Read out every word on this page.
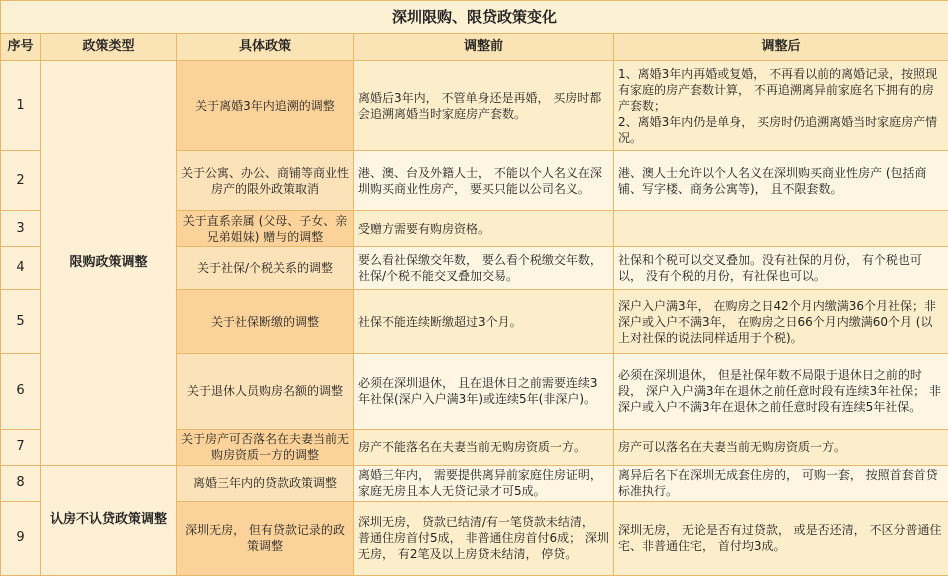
深圳限购、限贷政策变化				
序号	政策类型	具体政策	调整前	调整后
1	限购政策调整	关于离婚3年内追溯的调整	离婚后3年内， 不管单身还是再婚， 买房时都会追溯离婚当时家庭房产套数。	1、离婚3年内再婚或复婚， 不再看以前的离婚记录，按照现有家庭的房产套数计算， 不再追溯离异前家庭名下拥有的房产套数；
2、离婚3年内仍是单身， 买房时仍追溯离婚当时家庭房产情况。
2		关于公寓、办公、商铺等商业性房产的限外政策取消	港、澳、台及外籍人士， 不能以个人名义在深圳购买商业性房产， 要买只能以公司名义。	港、澳人士允许以个人名义在深圳购买商业性房产 (包括商铺、写字楼、商务公寓等)， 且不限套数。
3		关于直系亲属 (父母、子女、亲兄弟姐妹) 赠与的调整	受赠方需要有购房资格。	
4		关于社保/个税关系的调整	要么看社保缴交年数， 要么看个税缴交年数， 社保/个税不能交叉叠加交易。	社保和个税可以交叉叠加。没有社保的月份， 有个税也可以， 没有个税的月份，有社保也可以。
5		关于社保断缴的调整	社保不能连续断缴超过3个月。	深户入户满3年， 在购房之日42个月内缴满36个月社保；非深户或入户不满3年， 在购房之日66个月内缴满60个月 (以上对社保的说法同样适用于个税)。
6		关于退休人员购房名额的调整	必须在深圳退休， 且在退休日之前需要连续3年社保(深户入户满3年)或连续5年(非深户)。	必须在深圳退休， 但是社保年数不局限于退休日之前的时段， 深户入户满3年在退休之前任意时段有连续3年社保； 非深户或入户不满3年在退休之前任意时段有连续5年社保。
7		关于房产可否落名在夫妻当前无购房资质一方的调整	房产不能落名在夫妻当前无购房资质一方。	房产可以落名在夫妻当前无购房资质一方。
8	认房不认贷政策调整	离婚三年内的贷款政策调整	离婚三年内， 需要提供离异前家庭住房证明， 家庭无房且本人无贷记录才可5成。	离异后名下在深圳无成套住房的， 可购一套， 按照首套首贷标准执行。
9		深圳无房， 但有贷款记录的政策调整	深圳无房， 贷款已结清/有一笔贷款未结清， 普通住房首付5成， 非普通住房首付6成； 深圳无房， 有2笔及以上房贷未结清， 停贷。	深圳无房， 无论是否有过贷款， 或是否还清， 不区分普通住宅、非普通住宅， 首付均3成。
